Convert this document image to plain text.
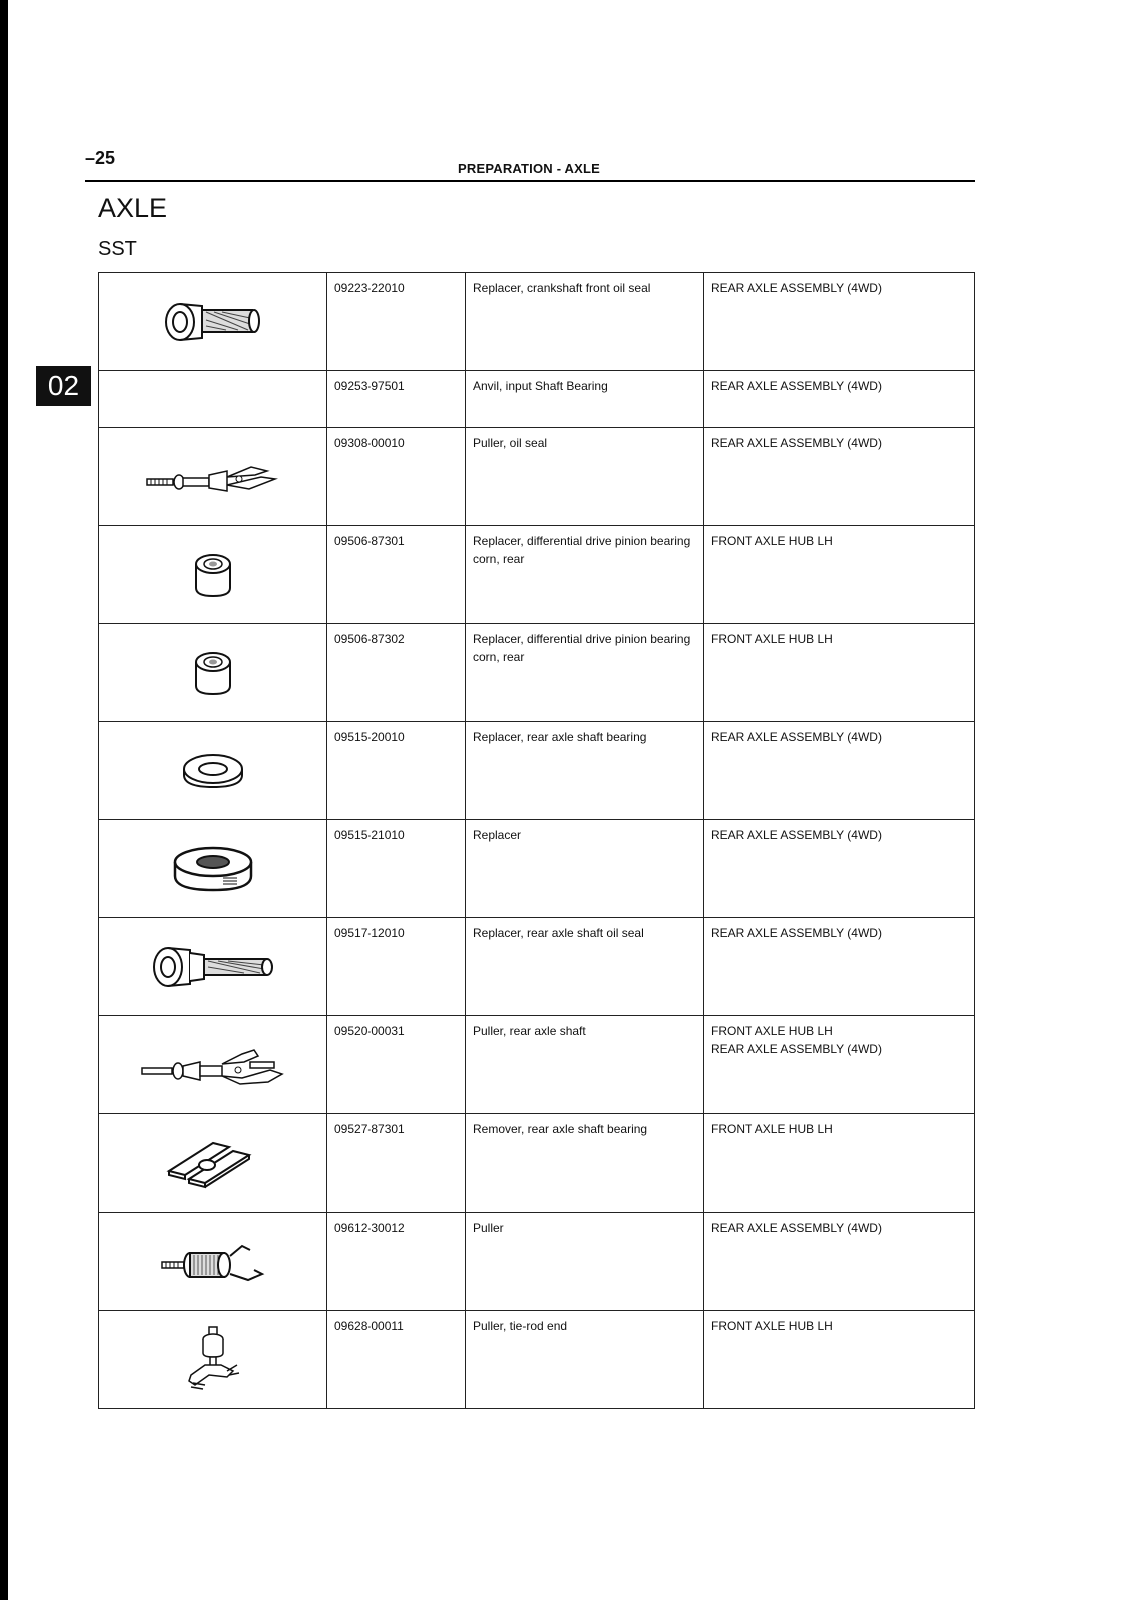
02
–25
PREPARATION - AXLE
AXLE
SST
	09223-22010	Replacer, crankshaft front oil seal	REAR AXLE ASSEMBLY (4WD)

	09253-97501	Anvil, input Shaft Bearing	REAR AXLE ASSEMBLY (4WD)

	09308-00010	Puller, oil seal	REAR AXLE ASSEMBLY (4WD)

	09506-87301	Replacer, differential drive pinion bearing
corn, rear	FRONT AXLE HUB LH

	09506-87302	Replacer, differential drive pinion bearing
corn, rear	FRONT AXLE HUB LH

	09515-20010	Replacer, rear axle shaft bearing	REAR AXLE ASSEMBLY (4WD)

	09515-21010	Replacer	REAR AXLE ASSEMBLY (4WD)

	09517-12010	Replacer, rear axle shaft oil seal	REAR AXLE ASSEMBLY (4WD)

	09520-00031	Puller, rear axle shaft	FRONT AXLE HUB LH
REAR AXLE ASSEMBLY (4WD)

	09527-87301	Remover, rear axle shaft bearing	FRONT AXLE HUB LH

	09612-30012	Puller	REAR AXLE ASSEMBLY (4WD)

	09628-00011	Puller, tie-rod end	FRONT AXLE HUB LH
